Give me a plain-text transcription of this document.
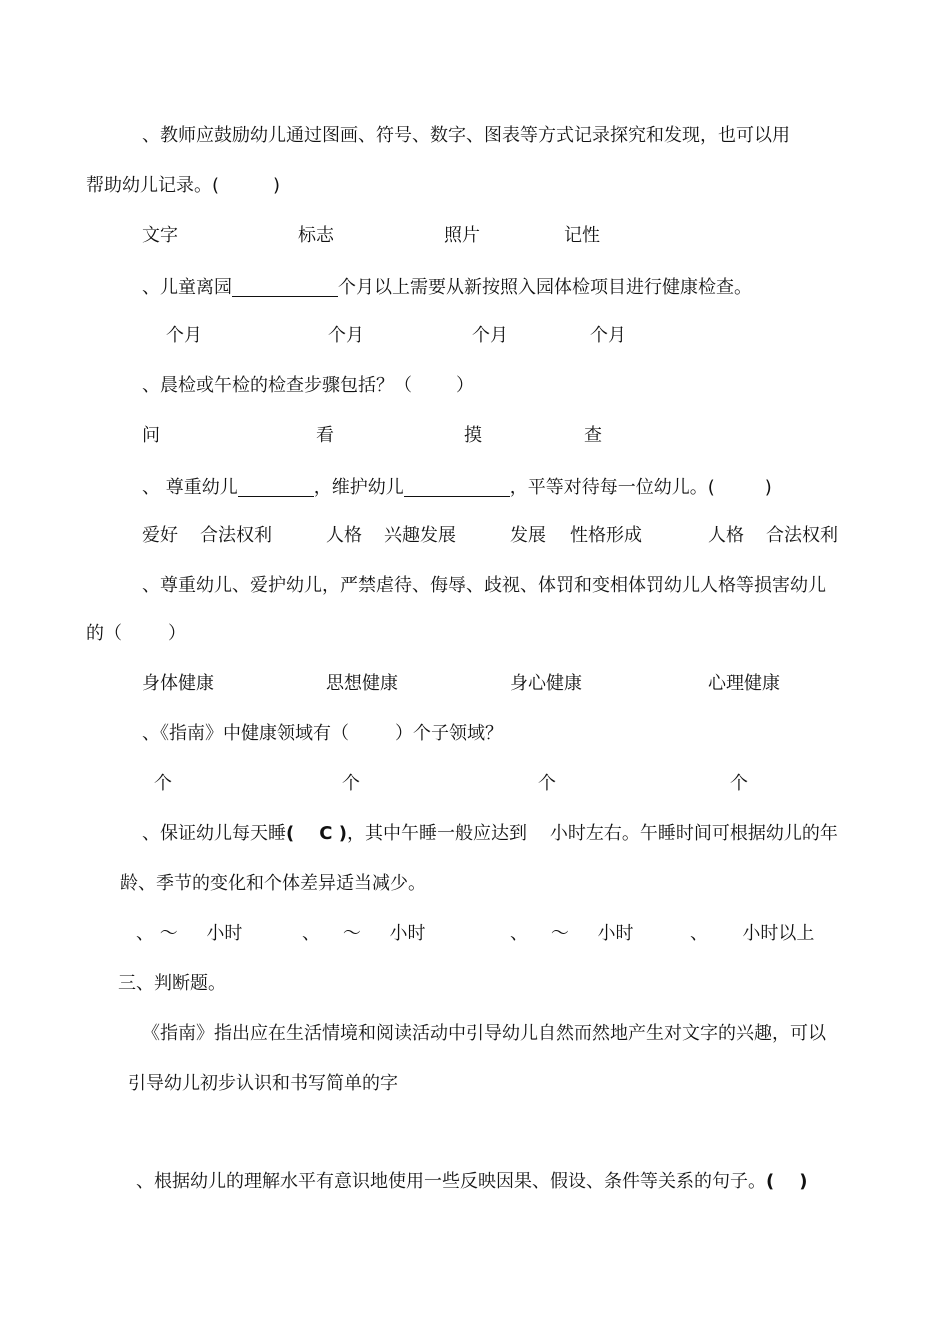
、教师应鼓励幼儿通过图画、符号、数字、图表等方式记录探究和发现，也可以用
帮助幼儿记录。(	)
文字	标志	照片	记性
、儿童离园	个月以上需要从新按照入园体检项目进行健康检查。
个月	个月	个月	个月
、晨检或午检的检查步骤包括？（ ）
问	看	摸	查
、 尊重幼儿	，维护幼儿	，平等对待每一位幼儿。(	)
爱好 合法权利	人格 兴趣发展	发展 性格形成	人格 合法权利
、尊重幼儿、爱护幼儿，严禁虐待、侮辱、歧视、体罚和变相体罚幼儿人格等损害幼儿
的（	）
身体健康	思想健康	身心健康	心理健康
、《指南》中健康领域有（	）个子领域？
个	个	个	个
、保证幼儿每天睡(    C )，其中午睡一般应达到    小时左右。午睡时间可根据幼儿的年
龄、季节的变化和个体差异适当减少。
、 ～     小时	、    ～     小时	、    ～     小时	、      小时以上
三、判断题。
《指南》指出应在生活情境和阅读活动中引导幼儿自然而然地产生对文字的兴趣，可以
引导幼儿初步认识和书写简单的字
、根据幼儿的理解水平有意识地使用一些反映因果、假设、条件等关系的句子。(    )
